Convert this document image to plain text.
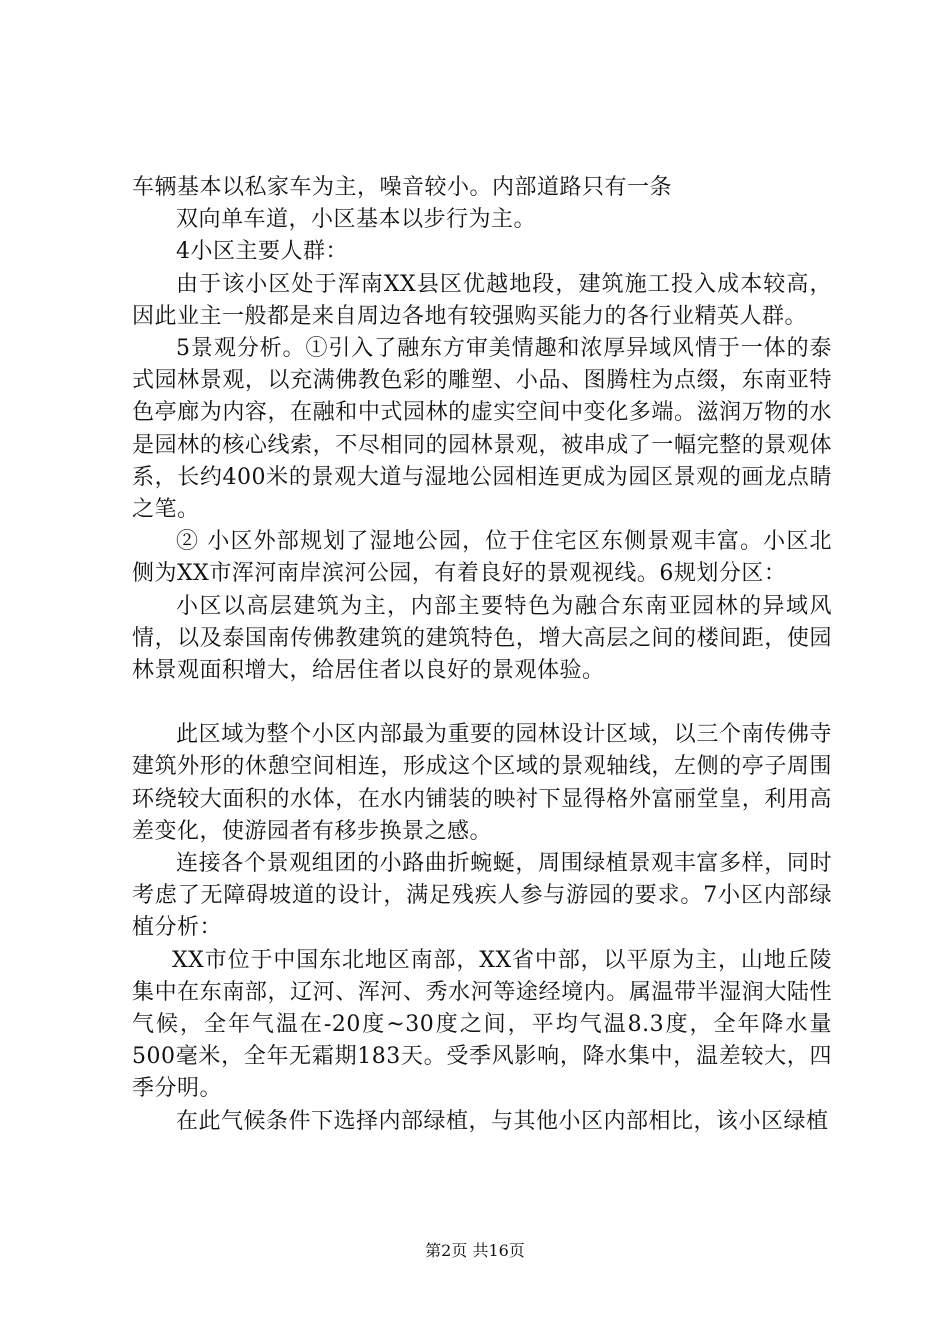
车辆基本以私家车为主，噪音较小。内部道路只有一条

双向单车道，小区基本以步行为主。

4小区主要人群：

由于该小区处于浑南XX县区优越地段，建筑施工投入成本较高，因此业主一般都是来自周边各地有较强购买能力的各行业精英人群。

5景观分析。①引入了融东方审美情趣和浓厚异域风情于一体的泰式园林景观，以充满佛教色彩的雕塑、小品、图腾柱为点缀，东南亚特色亭廊为内容，在融和中式园林的虚实空间中变化多端。滋润万物的水是园林的核心线索，不尽相同的园林景观，被串成了一幅完整的景观体系，长约400米的景观大道与湿地公园相连更成为园区景观的画龙点睛之笔。

② 小区外部规划了湿地公园，位于住宅区东侧景观丰富。小区北侧为XX市浑河南岸滨河公园，有着良好的景观视线。6规划分区：

小区以高层建筑为主，内部主要特色为融合东南亚园林的异域风情，以及泰国南传佛教建筑的建筑特色，增大高层之间的楼间距，使园林景观面积增大，给居住者以良好的景观体验。

此区域为整个小区内部最为重要的园林设计区域，以三个南传佛寺建筑外形的休憩空间相连，形成这个区域的景观轴线，左侧的亭子周围环绕较大面积的水体，在水内铺装的映衬下显得格外富丽堂皇，利用高差变化，使游园者有移步换景之感。

连接各个景观组团的小路曲折蜿蜒，周围绿植景观丰富多样，同时考虑了无障碍坡道的设计，满足残疾人参与游园的要求。7小区内部绿植分析：

XX市位于中国东北地区南部，XX省中部，以平原为主，山地丘陵集中在东南部，辽河、浑河、秀水河等途经境内。属温带半湿润大陆性气候，全年气温在-20度~30度之间，平均气温8.3度，全年降水量500毫米，全年无霜期183天。受季风影响，降水集中，温差较大，四季分明。

在此气候条件下选择内部绿植，与其他小区内部相比，该小区绿植

第2页 共16页
